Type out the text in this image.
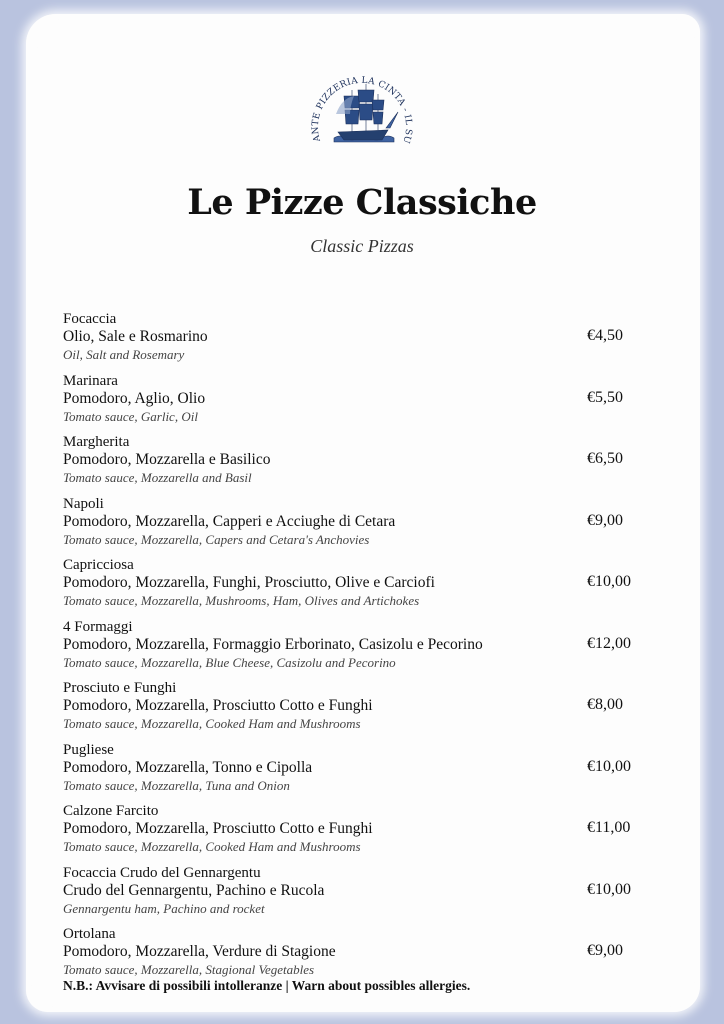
ANTE PIZZERIA LA CINTA - IL SU
Le Pizze Classiche
Classic Pizzas
Focaccia
Olio, Sale e Rosmarino
Oil, Salt and Rosemary
€4,50
Marinara
Pomodoro, Aglio, Olio
Tomato sauce, Garlic, Oil
€5,50
Margherita
Pomodoro, Mozzarella e Basilico
Tomato sauce, Mozzarella and Basil
€6,50
Napoli
Pomodoro, Mozzarella, Capperi e Acciughe di Cetara
Tomato sauce, Mozzarella, Capers and Cetara's Anchovies
€9,00
Capricciosa
Pomodoro, Mozzarella, Funghi, Prosciutto, Olive e Carciofi
Tomato sauce, Mozzarella, Mushrooms, Ham, Olives and Artichokes
€10,00
4 Formaggi
Pomodoro, Mozzarella, Formaggio Erborinato, Casizolu e Pecorino
Tomato sauce, Mozzarella, Blue Cheese, Casizolu and Pecorino
€12,00
Prosciuto e Funghi
Pomodoro, Mozzarella, Prosciutto Cotto e Funghi
Tomato sauce, Mozzarella, Cooked Ham and Mushrooms
€8,00
Pugliese
Pomodoro, Mozzarella, Tonno e Cipolla
Tomato sauce, Mozzarella, Tuna and Onion
€10,00
Calzone Farcito
Pomodoro, Mozzarella, Prosciutto Cotto e Funghi
Tomato sauce, Mozzarella, Cooked Ham and Mushrooms
€11,00
Focaccia Crudo del Gennargentu
Crudo del Gennargentu, Pachino e Rucola
Gennargentu ham, Pachino and rocket
€10,00
Ortolana
Pomodoro, Mozzarella, Verdure di Stagione
Tomato sauce, Mozzarella, Stagional Vegetables
€9,00
N.B.: Avvisare di possibili intolleranze | Warn about possibles allergies.
